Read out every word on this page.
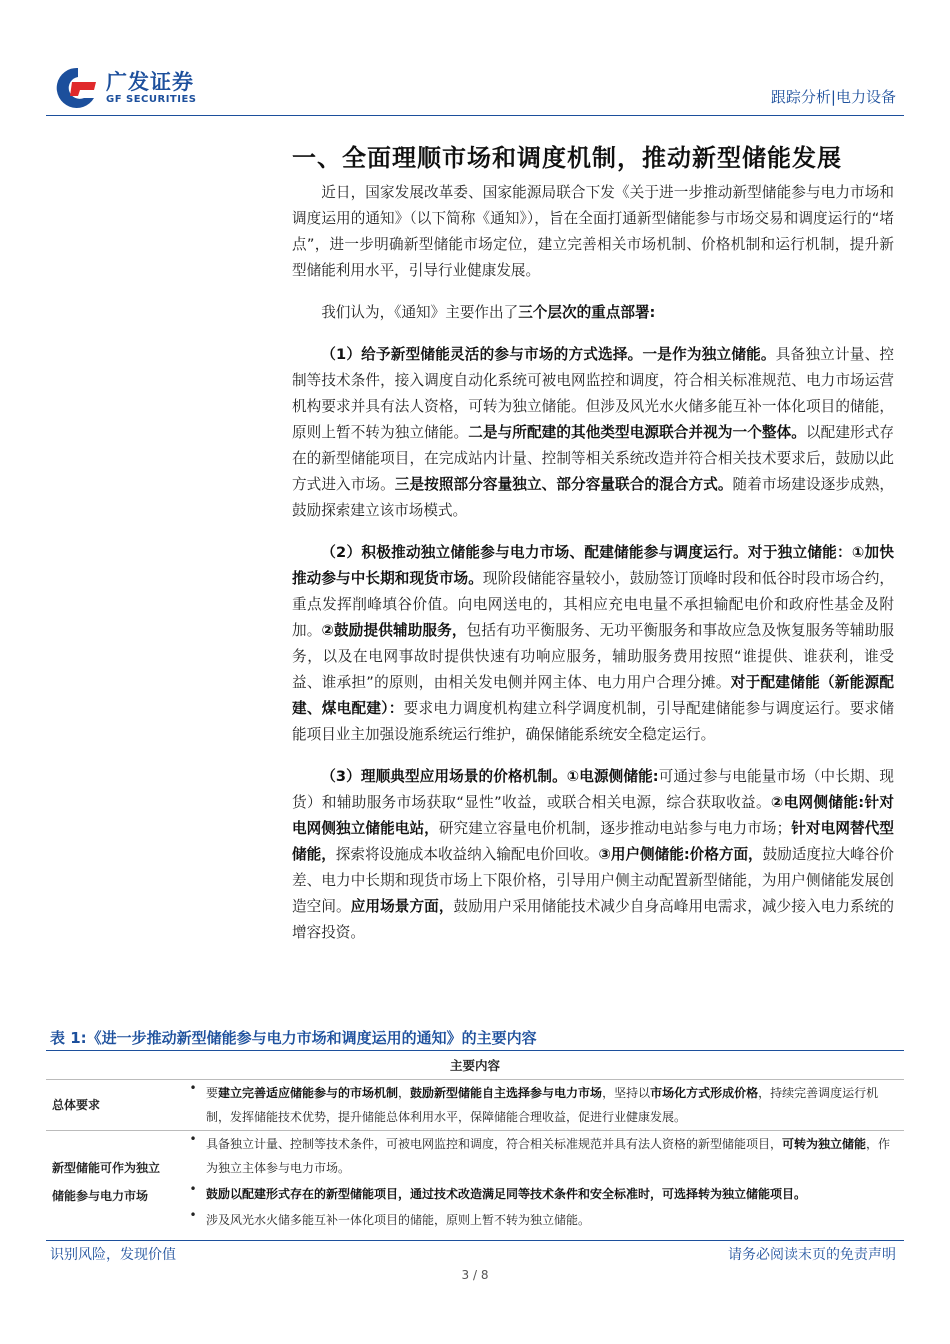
广发证券
GF SECURITIES	跟踪分析|电力设备
一、全面理顺市场和调度机制，推动新型储能发展

近日，国家发展改革委、国家能源局联合下发《关于进一步推动新型储能参与电力市场和调度运用的通知》（以下简称《通知》），旨在全面打通新型储能参与市场交易和调度运行的“堵点”，进一步明确新型储能市场定位，建立完善相关市场机制、价格机制和运行机制，提升新型储能利用水平，引导行业健康发展。

我们认为，《通知》主要作出了三个层次的重点部署:

（1）给予新型储能灵活的参与市场的方式选择。一是作为独立储能。具备独立计量、控制等技术条件，接入调度自动化系统可被电网监控和调度，符合相关标准规范、电力市场运营机构要求并具有法人资格，可转为独立储能。但涉及风光水火储多能互补一体化项目的储能，原则上暂不转为独立储能。二是与所配建的其他类型电源联合并视为一个整体。以配建形式存在的新型储能项目，在完成站内计量、控制等相关系统改造并符合相关技术要求后，鼓励以此方式进入市场。三是按照部分容量独立、部分容量联合的混合方式。随着市场建设逐步成熟，鼓励探索建立该市场模式。

（2）积极推动独立储能参与电力市场、配建储能参与调度运行。对于独立储能：①加快推动参与中长期和现货市场。现阶段储能容量较小，鼓励签订顶峰时段和低谷时段市场合约，重点发挥削峰填谷价值。向电网送电的，其相应充电电量不承担输配电价和政府性基金及附加。②鼓励提供辅助服务，包括有功平衡服务、无功平衡服务和事故应急及恢复服务等辅助服务，以及在电网事故时提供快速有功响应服务，辅助服务费用按照“谁提供、谁获利，谁受益、谁承担”的原则，由相关发电侧并网主体、电力用户合理分摊。对于配建储能（新能源配建、煤电配建）：要求电力调度机构建立科学调度机制，引导配建储能参与调度运行。要求储能项目业主加强设施系统运行维护，确保储能系统安全稳定运行。

（3）理顺典型应用场景的价格机制。①电源侧储能:可通过参与电能量市场（中长期、现货）和辅助服务市场获取“显性”收益，或联合相关电源，综合获取收益。②电网侧储能:针对电网侧独立储能电站，研究建立容量电价机制，逐步推动电站参与电力市场；针对电网替代型储能，探索将设施成本收益纳入输配电价回收。③用户侧储能:价格方面，鼓励适度拉大峰谷价差、电力中长期和现货市场上下限价格，引导用户侧主动配置新型储能，为用户侧储能发展创造空间。应用场景方面，鼓励用户采用储能技术减少自身高峰用电需求，减少接入电力系统的增容投资。

表 1:《进一步推动新型储能参与电力市场和调度运用的通知》的主要内容
主要内容		
总体要求	•	要建立完善适应储能参与的市场机制，鼓励新型储能自主选择参与电力市场，坚持以市场化方式形成价格，持续完善调度运行机制，发挥储能技术优势，提升储能总体利用水平，保障储能合理收益，促进行业健康发展。
新型储能可作为独立
储能参与电力市场	•	具备独立计量、控制等技术条件，可被电网监控和调度，符合相关标准规范并具有法人资格的新型储能项目，可转为独立储能，作为独立主体参与电力市场。
	•	鼓励以配建形式存在的新型储能项目，通过技术改造满足同等技术条件和安全标准时，可选择转为独立储能项目。
	•	涉及风光水火储多能互补一体化项目的储能，原则上暂不转为独立储能。
识别风险，发现价值	请务必阅读末页的免责声明
3 / 8
